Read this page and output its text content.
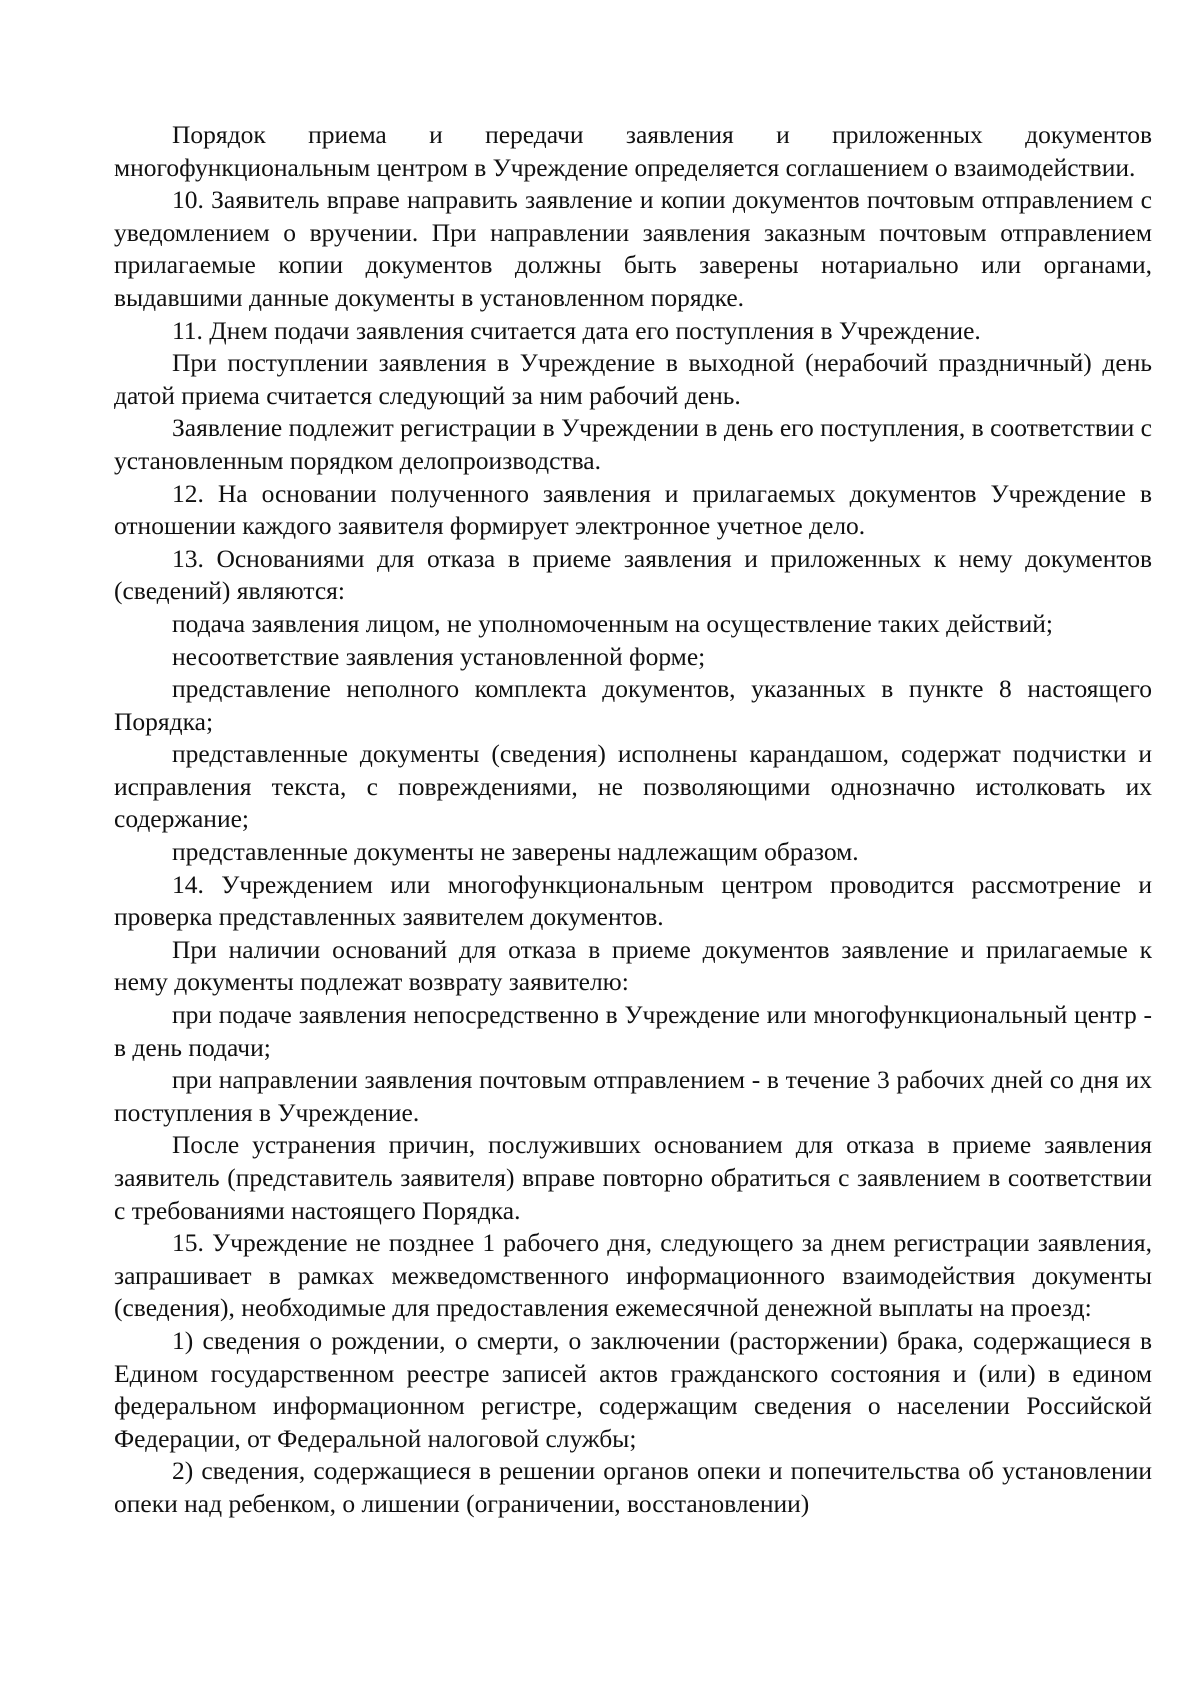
Порядок приема и передачи заявления и приложенных документов многофункциональным центром в Учреждение определяется соглашением о взаимодействии.

10. Заявитель вправе направить заявление и копии документов почтовым отправлением с уведомлением о вручении. При направлении заявления заказным почтовым отправлением прилагаемые копии документов должны быть заверены нотариально или органами, выдавшими данные документы в установленном порядке.

11. Днем подачи заявления считается дата его поступления в Учреждение.

При поступлении заявления в Учреждение в выходной (нерабочий праздничный) день датой приема считается следующий за ним рабочий день.

Заявление подлежит регистрации в Учреждении в день его поступления, в соответствии с установленным порядком делопроизводства.

12. На основании полученного заявления и прилагаемых документов Учреждение в отношении каждого заявителя формирует электронное учетное дело.

13. Основаниями для отказа в приеме заявления и приложенных к нему документов (сведений) являются:

подача заявления лицом, не уполномоченным на осуществление таких действий;

несоответствие заявления установленной форме;

представление неполного комплекта документов, указанных в пункте 8 настоящего Порядка;

представленные документы (сведения) исполнены карандашом, содержат подчистки и исправления текста, с повреждениями, не позволяющими однозначно истолковать их содержание;

представленные документы не заверены надлежащим образом.

14. Учреждением или многофункциональным центром проводится рассмотрение и проверка представленных заявителем документов.

При наличии оснований для отказа в приеме документов заявление и прилагаемые к нему документы подлежат возврату заявителю:

при подаче заявления непосредственно в Учреждение или многофункциональный центр - в день подачи;

при направлении заявления почтовым отправлением - в течение 3 рабочих дней со дня их поступления в Учреждение.

После устранения причин, послуживших основанием для отказа в приеме заявления заявитель (представитель заявителя) вправе повторно обратиться с заявлением в соответствии с требованиями настоящего Порядка.

15. Учреждение не позднее 1 рабочего дня, следующего за днем регистрации заявления, запрашивает в рамках межведомственного информационного взаимодействия документы (сведения), необходимые для предоставления ежемесячной денежной выплаты на проезд:

1) сведения о рождении, о смерти, о заключении (расторжении) брака, содержащиеся в Едином государственном реестре записей актов гражданского состояния и (или) в едином федеральном информационном регистре, содержащим сведения о населении Российской Федерации, от Федеральной налоговой службы;

2) сведения, содержащиеся в решении органов опеки и попечительства об установлении опеки над ребенком, о лишении (ограничении, восстановлении)
